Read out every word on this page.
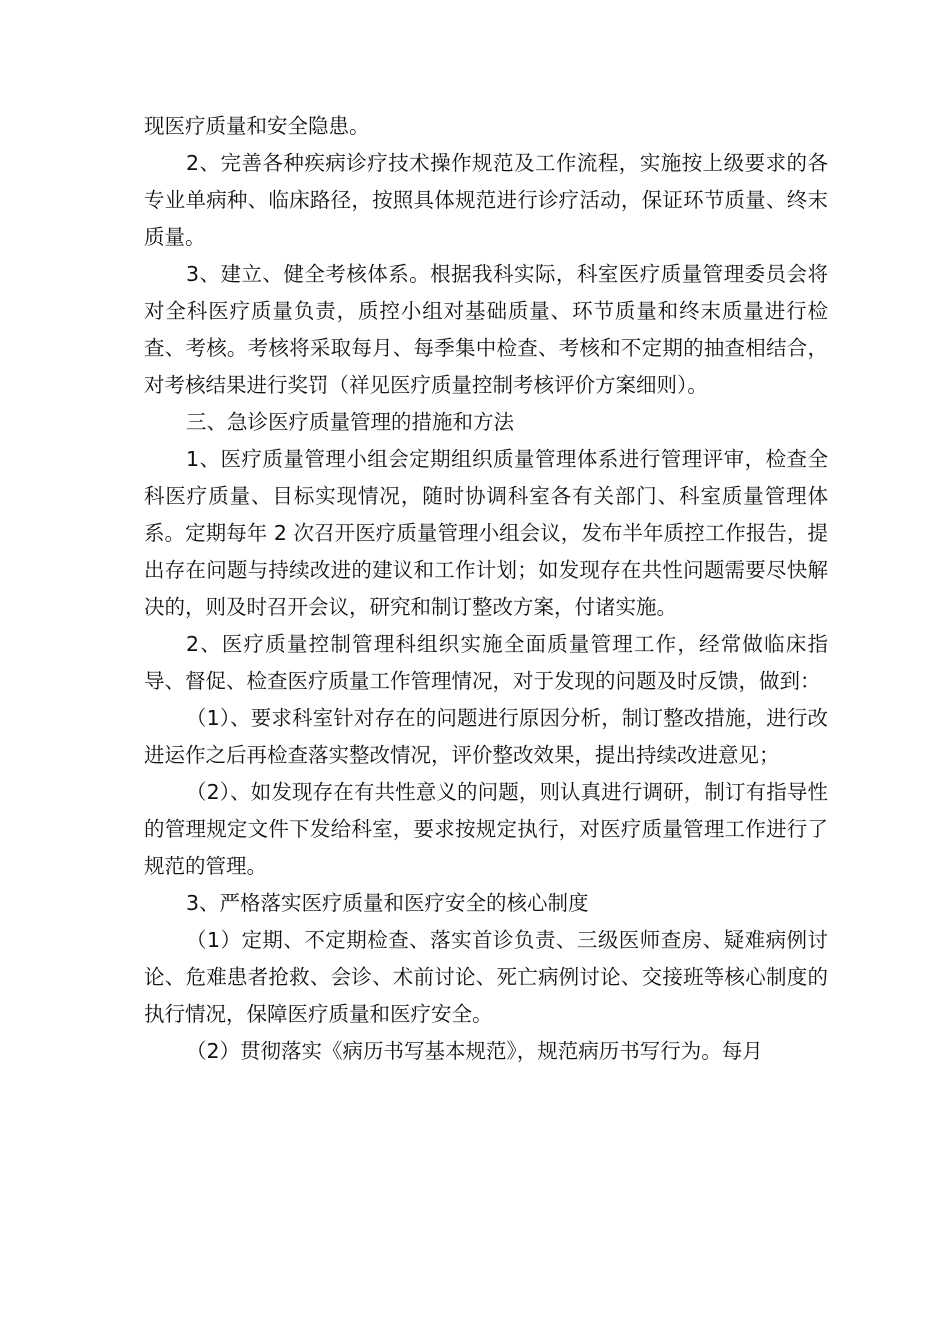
现医疗质量和安全隐患。

2、完善各种疾病诊疗技术操作规范及工作流程，实施按上级要求的各专业单病种、临床路径，按照具体规范进行诊疗活动，保证环节质量、终末质量。

3、建立、健全考核体系。根据我科实际，科室医疗质量管理委员会将对全科医疗质量负责，质控小组对基础质量、环节质量和终末质量进行检查、考核。考核将采取每月、每季集中检查、考核和不定期的抽查相结合，对考核结果进行奖罚（祥见医疗质量控制考核评价方案细则）。

三、急诊医疗质量管理的措施和方法

1、医疗质量管理小组会定期组织质量管理体系进行管理评审，检查全科医疗质量、目标实现情况，随时协调科室各有关部门、科室质量管理体系。定期每年 2 次召开医疗质量管理小组会议，发布半年质控工作报告，提出存在问题与持续改进的建议和工作计划；如发现存在共性问题需要尽快解决的，则及时召开会议，研究和制订整改方案，付诸实施。

2、医疗质量控制管理科组织实施全面质量管理工作，经常做临床指导、督促、检查医疗质量工作管理情况，对于发现的问题及时反馈，做到：

（1）、要求科室针对存在的问题进行原因分析，制订整改措施，进行改进运作之后再检查落实整改情况，评价整改效果，提出持续改进意见；

（2）、如发现存在有共性意义的问题，则认真进行调研，制订有指导性的管理规定文件下发给科室，要求按规定执行，对医疗质量管理工作进行了规范的管理。

3、严格落实医疗质量和医疗安全的核心制度

（1）定期、不定期检查、落实首诊负责、三级医师查房、疑难病例讨论、危难患者抢救、会诊、术前讨论、死亡病例讨论、交接班等核心制度的执行情况，保障医疗质量和医疗安全。

（2）贯彻落实《病历书写基本规范》，规范病历书写行为。每月
